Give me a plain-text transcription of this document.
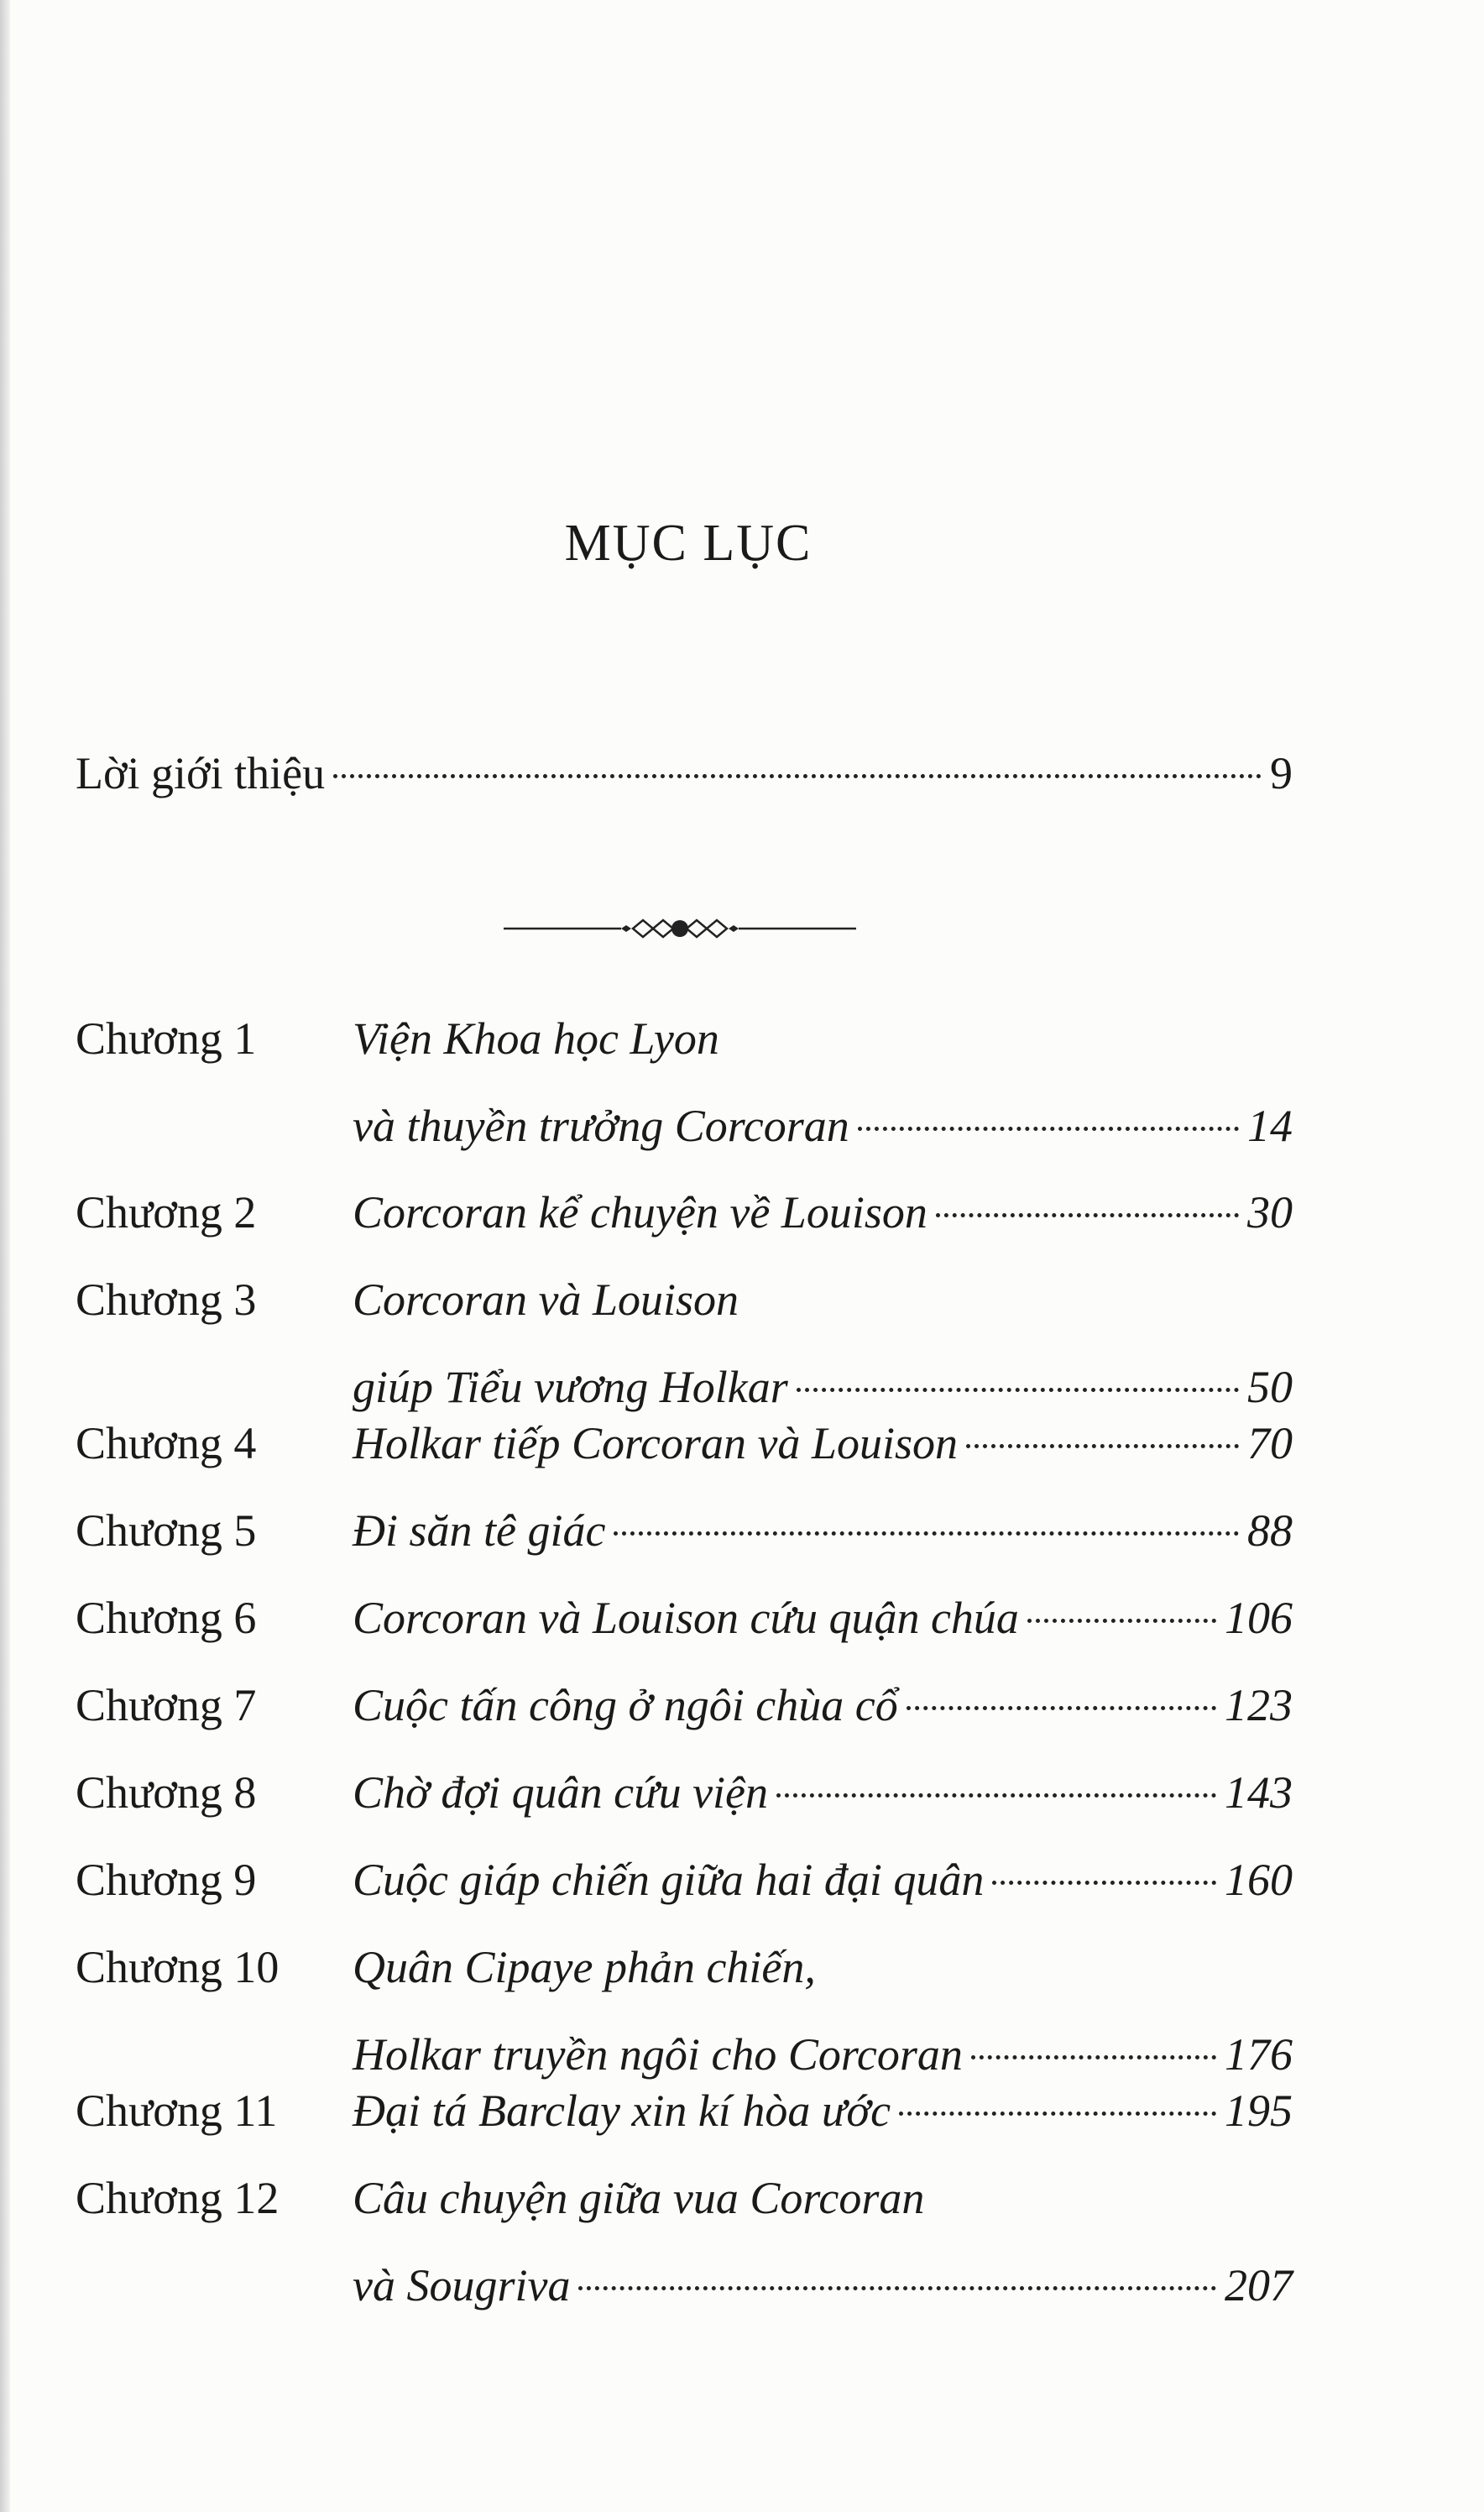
MỤC LỤC
Lời giới thiệu	9
Chương 1 Viện Khoa học Lyon
và thuyền trưởng Corcoran	14
Chương 2 Corcoran kể chuyện về Louison	30
Chương 3 Corcoran và Louison
giúp Tiểu vương Holkar	50
Chương 4 Holkar tiếp Corcoran và Louison	70
Chương 5 Đi săn tê giác	88
Chương 6 Corcoran và Louison cứu quận chúa	106
Chương 7 Cuộc tấn công ở ngôi chùa cổ	123
Chương 8 Chờ đợi quân cứu viện	143
Chương 9 Cuộc giáp chiến giữa hai đại quân	160
Chương 10 Quân Cipaye phản chiến,
Holkar truyền ngôi cho Corcoran	176
Chương 11 Đại tá Barclay xin kí hòa ước	195
Chương 12 Câu chuyện giữa vua Corcoran
và Sougriva	207
